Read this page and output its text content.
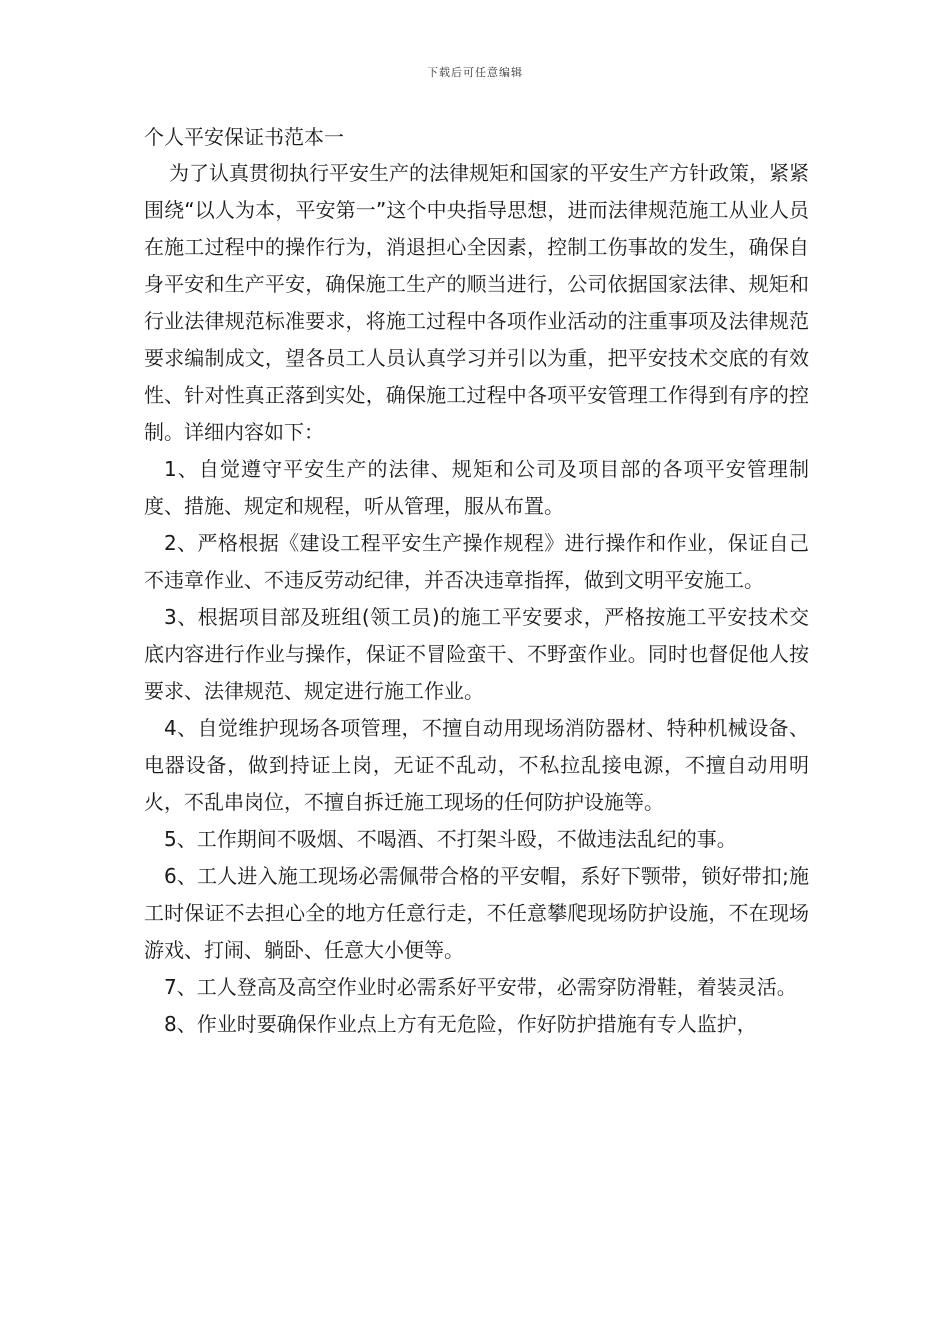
下载后可任意编辑
个人平安保证书范本一

为了认真贯彻执行平安生产的法律规矩和国家的平安生产方针政策，紧紧围绕“以人为本，平安第一”这个中央指导思想，进而法律规范施工从业人员在施工过程中的操作行为，消退担心全因素，控制工伤事故的发生，确保自身平安和生产平安，确保施工生产的顺当进行，公司依据国家法律、规矩和行业法律规范标准要求，将施工过程中各项作业活动的注重事项及法律规范要求编制成文，望各员工人员认真学习并引以为重，把平安技术交底的有效性、针对性真正落到实处，确保施工过程中各项平安管理工作得到有序的控制。详细内容如下：

1、自觉遵守平安生产的法律、规矩和公司及项目部的各项平安管理制度、措施、规定和规程，听从管理，服从布置。

2、严格根据《建设工程平安生产操作规程》进行操作和作业，保证自己不违章作业、不违反劳动纪律，并否决违章指挥，做到文明平安施工。

3、根据项目部及班组(领工员)的施工平安要求，严格按施工平安技术交底内容进行作业与操作，保证不冒险蛮干、不野蛮作业。同时也督促他人按要求、法律规范、规定进行施工作业。

4、自觉维护现场各项管理，不擅自动用现场消防器材、特种机械设备、电器设备，做到持证上岗，无证不乱动，不私拉乱接电源，不擅自动用明火，不乱串岗位，不擅自拆迁施工现场的任何防护设施等。

5、工作期间不吸烟、不喝酒、不打架斗殴，不做违法乱纪的事。

6、工人进入施工现场必需佩带合格的平安帽，系好下颚带，锁好带扣;施工时保证不去担心全的地方任意行走，不任意攀爬现场防护设施，不在现场游戏、打闹、躺卧、任意大小便等。

7、工人登高及高空作业时必需系好平安带，必需穿防滑鞋，着装灵活。

8、作业时要确保作业点上方有无危险，作好防护措施有专人监护，
